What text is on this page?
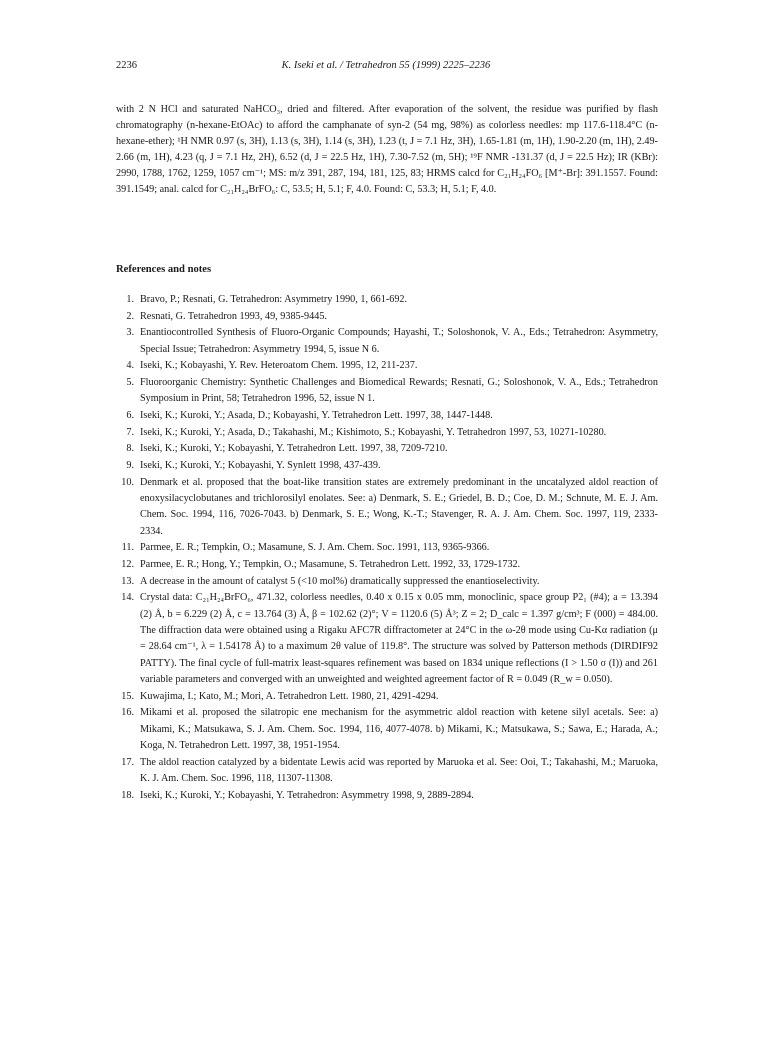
2236	K. Iseki et al. / Tetrahedron 55 (1999) 2225–2236

with 2 N HCl and saturated NaHCO₃, dried and filtered. After evaporation of the solvent, the residue was purified by flash chromatography (n-hexane-EtOAc) to afford the camphanate of syn-2 (54 mg, 98%) as colorless needles: mp 117.6-118.4°C (n-hexane-ether); ¹H NMR 0.97 (s, 3H), 1.13 (s, 3H), 1.14 (s, 3H), 1.23 (t, J = 7.1 Hz, 3H), 1.65-1.81 (m, 1H), 1.90-2.20 (m, 1H), 2.49-2.66 (m, 1H), 4.23 (q, J = 7.1 Hz, 2H), 6.52 (d, J = 22.5 Hz, 1H), 7.30-7.52 (m, 5H); ¹⁹F NMR -131.37 (d, J = 22.5 Hz); IR (KBr): 2990, 1788, 1762, 1259, 1057 cm⁻¹; MS: m/z 391, 287, 194, 181, 125, 83; HRMS calcd for C₂₁H₂₄FO₆ [M⁺-Br]: 391.1557. Found: 391.1549; anal. calcd for C₂₁H₂₄BrFO₆: C, 53.5; H, 5.1; F, 4.0. Found: C, 53.3; H, 5.1; F, 4.0.

References and notes
1. Bravo, P.; Resnati, G. Tetrahedron: Asymmetry 1990, 1, 661-692.
2. Resnati, G. Tetrahedron 1993, 49, 9385-9445.
3. Enantiocontrolled Synthesis of Fluoro-Organic Compounds; Hayashi, T.; Soloshonok, V. A., Eds.; Tetrahedron: Asymmetry, Special Issue; Tetrahedron: Asymmetry 1994, 5, issue N 6.
4. Iseki, K.; Kobayashi, Y. Rev. Heteroatom Chem. 1995, 12, 211-237.
5. Fluoroorganic Chemistry: Synthetic Challenges and Biomedical Rewards; Resnati, G.; Soloshonok, V. A., Eds.; Tetrahedron Symposium in Print, 58; Tetrahedron 1996, 52, issue N 1.
6. Iseki, K.; Kuroki, Y.; Asada, D.; Kobayashi, Y. Tetrahedron Lett. 1997, 38, 1447-1448.
7. Iseki, K.; Kuroki, Y.; Asada, D.; Takahashi, M.; Kishimoto, S.; Kobayashi, Y. Tetrahedron 1997, 53, 10271-10280.
8. Iseki, K.; Kuroki, Y.; Kobayashi, Y. Tetrahedron Lett. 1997, 38, 7209-7210.
9. Iseki, K.; Kuroki, Y.; Kobayashi, Y. Synlett 1998, 437-439.
10. Denmark et al. proposed that the boat-like transition states are extremely predominant in the uncatalyzed aldol reaction of enoxysilacyclobutanes and trichlorosilyl enolates. See: a) Denmark, S. E.; Griedel, B. D.; Coe, D. M.; Schnute, M. E. J. Am. Chem. Soc. 1994, 116, 7026-7043. b) Denmark, S. E.; Wong, K.-T.; Stavenger, R. A. J. Am. Chem. Soc. 1997, 119, 2333-2334.
11. Parmee, E. R.; Tempkin, O.; Masamune, S. J. Am. Chem. Soc. 1991, 113, 9365-9366.
12. Parmee, E. R.; Hong, Y.; Tempkin, O.; Masamune, S. Tetrahedron Lett. 1992, 33, 1729-1732.
13. A decrease in the amount of catalyst 5 (<10 mol%) dramatically suppressed the enantioselectivity.
14. Crystal data: C₂₁H₂₄BrFO₆, 471.32, colorless needles, 0.40 x 0.15 x 0.05 mm, monoclinic, space group P2₁ (#4); a = 13.394 (2) Å, b = 6.229 (2) Å, c = 13.764 (3) Å, β = 102.62 (2)°; V = 1120.6 (5) Å³; Z = 2; D_calc = 1.397 g/cm³; F (000) = 484.00. The diffraction data were obtained using a Rigaku AFC7R diffractometer at 24°C in the ω-2θ mode using Cu-Kα radiation (μ = 28.64 cm⁻¹, λ = 1.54178 Å) to a maximum 2θ value of 119.8°. The structure was solved by Patterson methods (DIRDIF92 PATTY). The final cycle of full-matrix least-squares refinement was based on 1834 unique reflections (I > 1.50 σ (I)) and 261 variable parameters and converged with an unweighted and weighted agreement factor of R = 0.049 (R_w = 0.050).
15. Kuwajima, I.; Kato, M.; Mori, A. Tetrahedron Lett. 1980, 21, 4291-4294.
16. Mikami et al. proposed the silatropic ene mechanism for the asymmetric aldol reaction with ketene silyl acetals. See: a) Mikami, K.; Matsukawa, S. J. Am. Chem. Soc. 1994, 116, 4077-4078. b) Mikami, K.; Matsukawa, S.; Sawa, E.; Harada, A.; Koga, N. Tetrahedron Lett. 1997, 38, 1951-1954.
17. The aldol reaction catalyzed by a bidentate Lewis acid was reported by Maruoka et al. See: Ooi, T.; Takahashi, M.; Maruoka, K. J. Am. Chem. Soc. 1996, 118, 11307-11308.
18. Iseki, K.; Kuroki, Y.; Kobayashi, Y. Tetrahedron: Asymmetry 1998, 9, 2889-2894.
